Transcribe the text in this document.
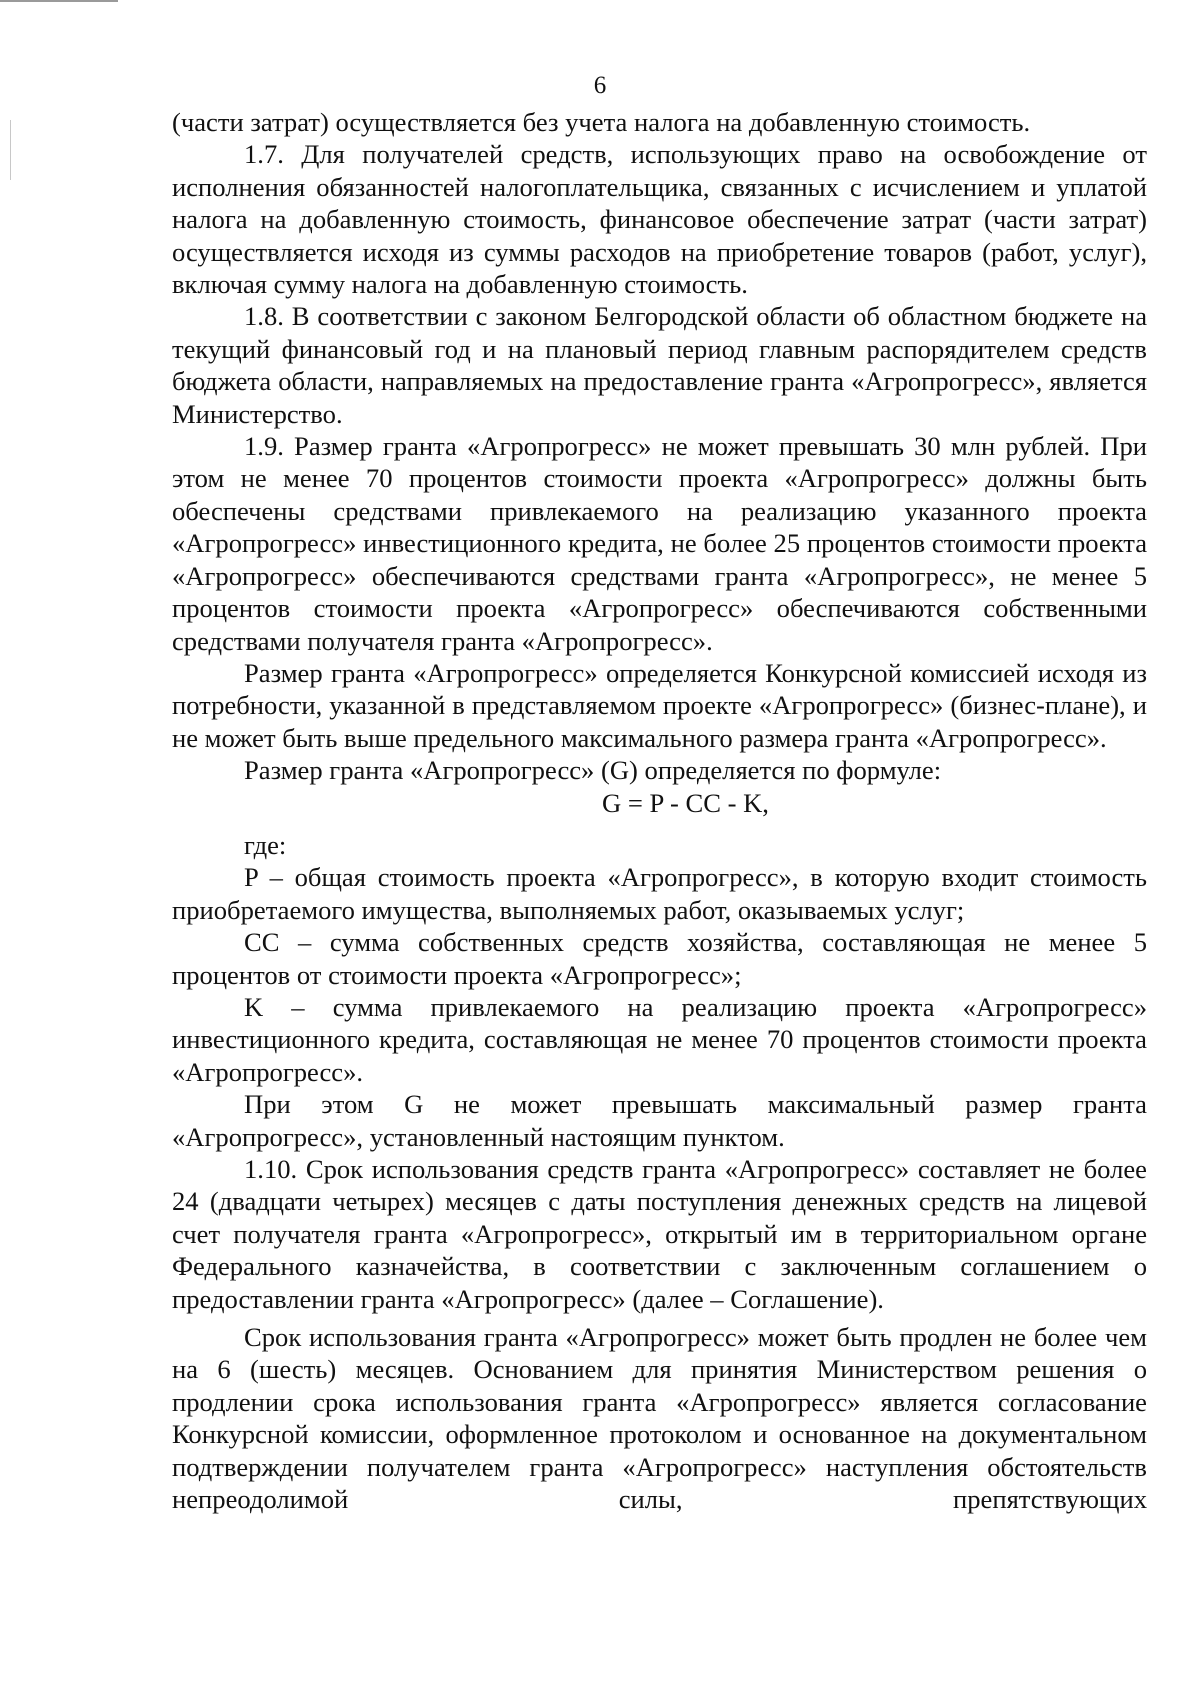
6

(части затрат) осуществляется без учета налога на добавленную стоимость.

1.7. Для получателей средств, использующих право на освобождение от исполнения обязанностей налогоплательщика, связанных с исчислением и уплатой налога на добавленную стоимость, финансовое обеспечение затрат (части затрат) осуществляется исходя из суммы расходов на приобретение товаров (работ, услуг), включая сумму налога на добавленную стоимость.

1.8. В соответствии с законом Белгородской области об областном бюджете на текущий финансовый год и на плановый период главным распорядителем средств бюджета области, направляемых на предоставление гранта «Агропрогресс», является Министерство.

1.9. Размер гранта «Агропрогресс» не может превышать 30 млн рублей. При этом не менее 70 процентов стоимости проекта «Агропрогресс» должны быть обеспечены средствами привлекаемого на реализацию указанного проекта «Агропрогресс» инвестиционного кредита, не более 25 процентов стоимости проекта «Агропрогресс» обеспечиваются средствами гранта «Агропрогресс», не менее 5 процентов стоимости проекта «Агропрогресс» обеспечиваются собственными средствами получателя гранта «Агропрогресс».

Размер гранта «Агропрогресс» определяется Конкурсной комиссией исходя из потребности, указанной в представляемом проекте «Агропрогресс» (бизнес-плане), и не может быть выше предельного максимального размера гранта «Агропрогресс».

Размер гранта «Агропрогресс» (G) определяется по формуле:

G = P - CC - K,

где:

P – общая стоимость проекта «Агропрогресс», в которую входит стоимость приобретаемого имущества, выполняемых работ, оказываемых услуг;

CC – сумма собственных средств хозяйства, составляющая не менее 5 процентов от стоимости проекта «Агропрогресс»;

K – сумма привлекаемого на реализацию проекта «Агропрогресс» инвестиционного кредита, составляющая не менее 70 процентов стоимости проекта «Агропрогресс».

При этом G не может превышать максимальный размер гранта «Агропрогресс», установленный настоящим пунктом.

1.10. Срок использования средств гранта «Агропрогресс» составляет не более 24 (двадцати четырех) месяцев с даты поступления денежных средств на лицевой счет получателя гранта «Агропрогресс», открытый им в территориальном органе Федерального казначейства, в соответствии с заключенным соглашением о предоставлении гранта «Агропрогресс» (далее – Соглашение).

Срок использования гранта «Агропрогресс» может быть продлен не более чем на 6 (шесть) месяцев. Основанием для принятия Министерством решения о продлении срока использования гранта «Агропрогресс» является согласование Конкурсной комиссии, оформленное протоколом и основанное на документальном подтверждении получателем гранта «Агропрогресс» наступления обстоятельств непреодолимой силы, препятствующих
